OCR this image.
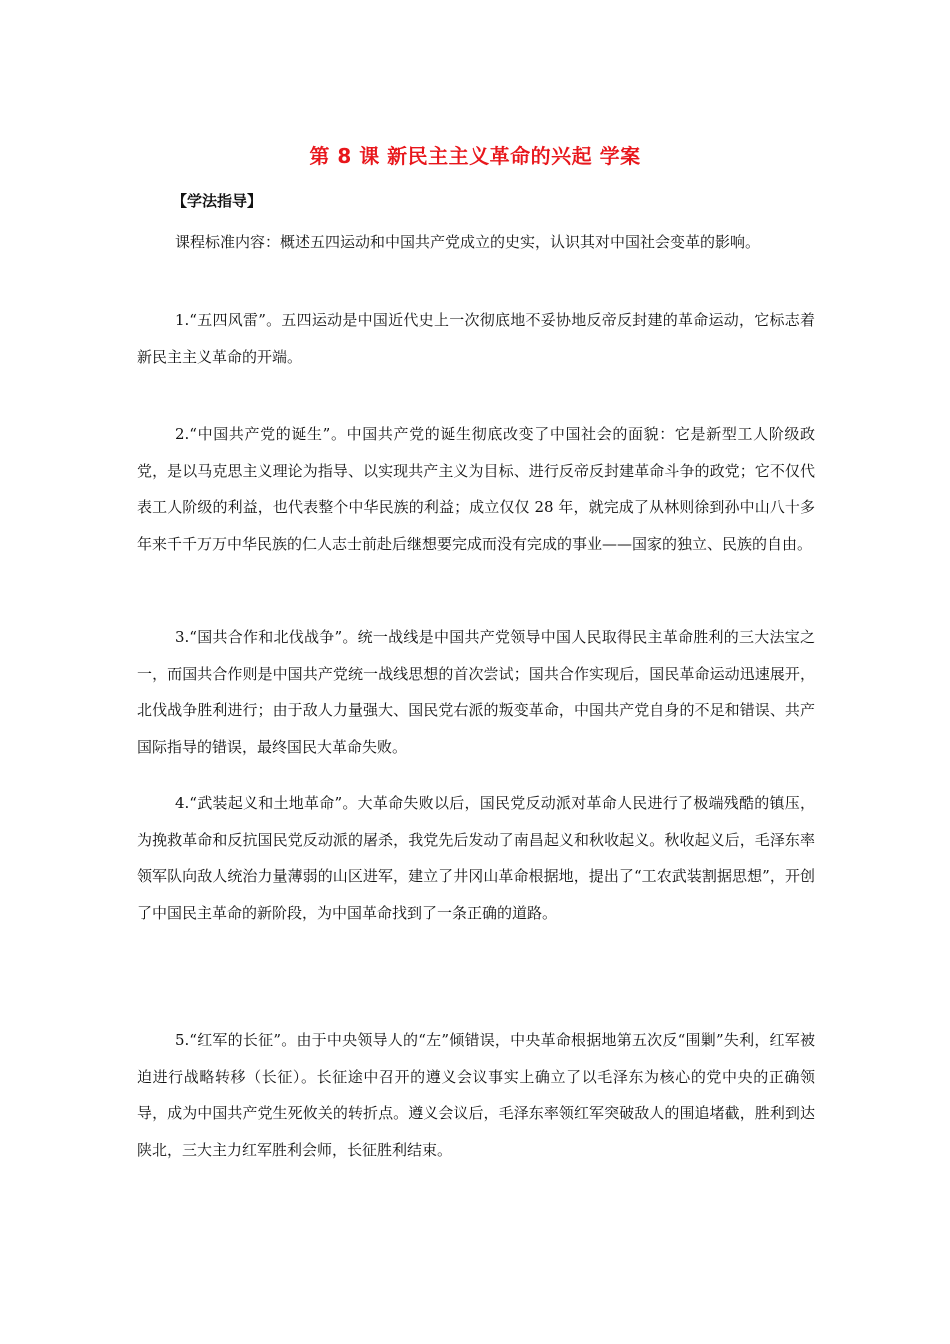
第 8 课 新民主主义革命的兴起 学案
【学法指导】

课程标准内容：概述五四运动和中国共产党成立的史实，认识其对中国社会变革的影响。

1.“五四风雷”。五四运动是中国近代史上一次彻底地不妥协地反帝反封建的革命运动，它标志着新民主主义革命的开端。

2.“中国共产党的诞生”。中国共产党的诞生彻底改变了中国社会的面貌：它是新型工人阶级政党，是以马克思主义理论为指导、以实现共产主义为目标、进行反帝反封建革命斗争的政党；它不仅代表工人阶级的利益，也代表整个中华民族的利益；成立仅仅 28 年，就完成了从林则徐到孙中山八十多年来千千万万中华民族的仁人志士前赴后继想要完成而没有完成的事业——国家的独立、民族的自由。

3.“国共合作和北伐战争”。统一战线是中国共产党领导中国人民取得民主革命胜利的三大法宝之一，而国共合作则是中国共产党统一战线思想的首次尝试；国共合作实现后，国民革命运动迅速展开，北伐战争胜利进行；由于敌人力量强大、国民党右派的叛变革命，中国共产党自身的不足和错误、共产国际指导的错误，最终国民大革命失败。

4.“武装起义和土地革命”。大革命失败以后，国民党反动派对革命人民进行了极端残酷的镇压，为挽救革命和反抗国民党反动派的屠杀，我党先后发动了南昌起义和秋收起义。秋收起义后，毛泽东率领军队向敌人统治力量薄弱的山区进军，建立了井冈山革命根据地，提出了“工农武装割据思想”，开创了中国民主革命的新阶段，为中国革命找到了一条正确的道路。

5.“红军的长征”。由于中央领导人的“左”倾错误，中央革命根据地第五次反“围剿”失利，红军被迫进行战略转移（长征）。长征途中召开的遵义会议事实上确立了以毛泽东为核心的党中央的正确领导，成为中国共产党生死攸关的转折点。遵义会议后，毛泽东率领红军突破敌人的围追堵截，胜利到达陕北，三大主力红军胜利会师，长征胜利结束。
